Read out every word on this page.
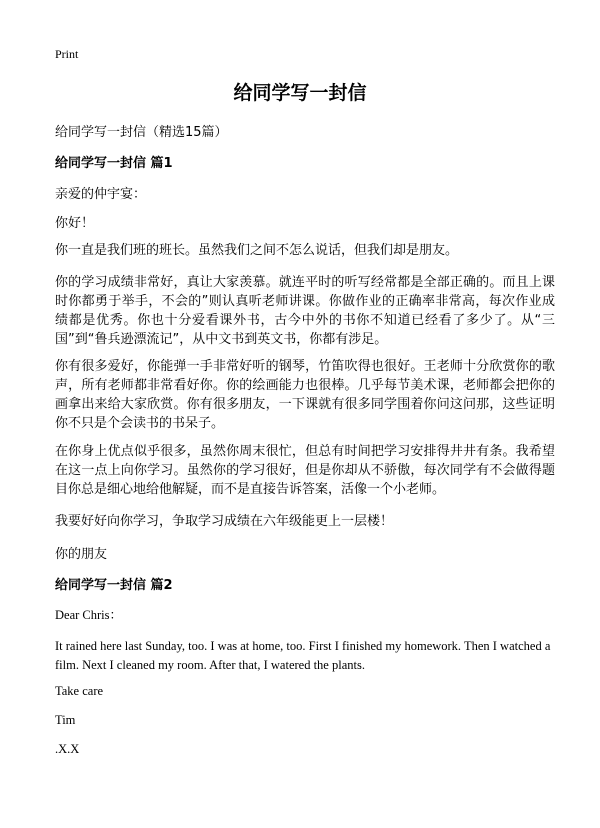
Print
给同学写一封信
给同学写一封信（精选15篇）
给同学写一封信 篇1
亲爱的仲宇宴：
你好！
你一直是我们班的班长。虽然我们之间不怎么说话，但我们却是朋友。
你的学习成绩非常好，真让大家羡慕。就连平时的听写经常都是全部正确的。而且上课时你都勇于举手，不会的”则认真听老师讲课。你做作业的正确率非常高，每次作业成绩都是优秀。你也十分爱看课外书，古今中外的书你不知道已经看了多少了。从“三国”到“鲁兵逊漂流记”，从中文书到英文书，你都有涉足。
你有很多爱好，你能弹一手非常好听的钢琴，竹笛吹得也很好。王老师十分欣赏你的歌声，所有老师都非常看好你。你的绘画能力也很棒。几乎每节美术课，老师都会把你的画拿出来给大家欣赏。你有很多朋友，一下课就有很多同学围着你问这问那，这些证明你不只是个会读书的书呆子。
在你身上优点似乎很多，虽然你周末很忙，但总有时间把学习安排得井井有条。我希望在这一点上向你学习。虽然你的学习很好，但是你却从不骄傲，每次同学有不会做得题目你总是细心地给他解疑，而不是直接告诉答案，活像一个小老师。
我要好好向你学习，争取学习成绩在六年级能更上一层楼！
你的朋友
给同学写一封信 篇2
Dear Chris：
It rained here last Sunday, too. I was at home, too. First I finished my homework. Then I watched a film. Next I cleaned my room. After that, I watered the plants.
Take care
Tim
.X.X
